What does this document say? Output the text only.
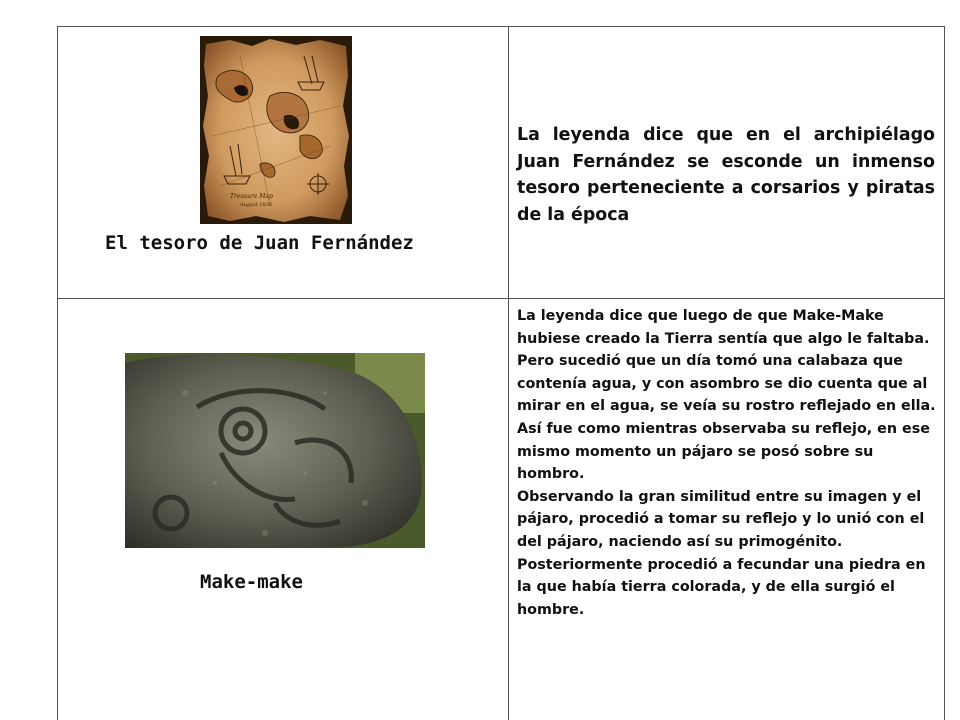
Treasure Map
August 1836
El tesoro de Juan Fernández
La leyenda dice que en el archipiélago Juan Fernández se esconde un inmenso tesoro perteneciente a corsarios y piratas de la época
Make-make

La leyenda dice que luego de que Make-Make hubiese creado la Tierra sentía que algo le faltaba. Pero sucedió que un día tomó una calabaza que contenía agua, y con asombro se dio cuenta que al mirar en el agua, se veía su rostro reflejado en ella. Así fue como mientras observaba su reflejo, en ese mismo momento un pájaro se posó sobre su hombro.

Observando la gran similitud entre su imagen y el pájaro, procedió a tomar su reflejo y lo unió con el del pájaro, naciendo así su primogénito.

Posteriormente procedió a fecundar una piedra en la que había tierra colorada, y de ella surgió el hombre.
